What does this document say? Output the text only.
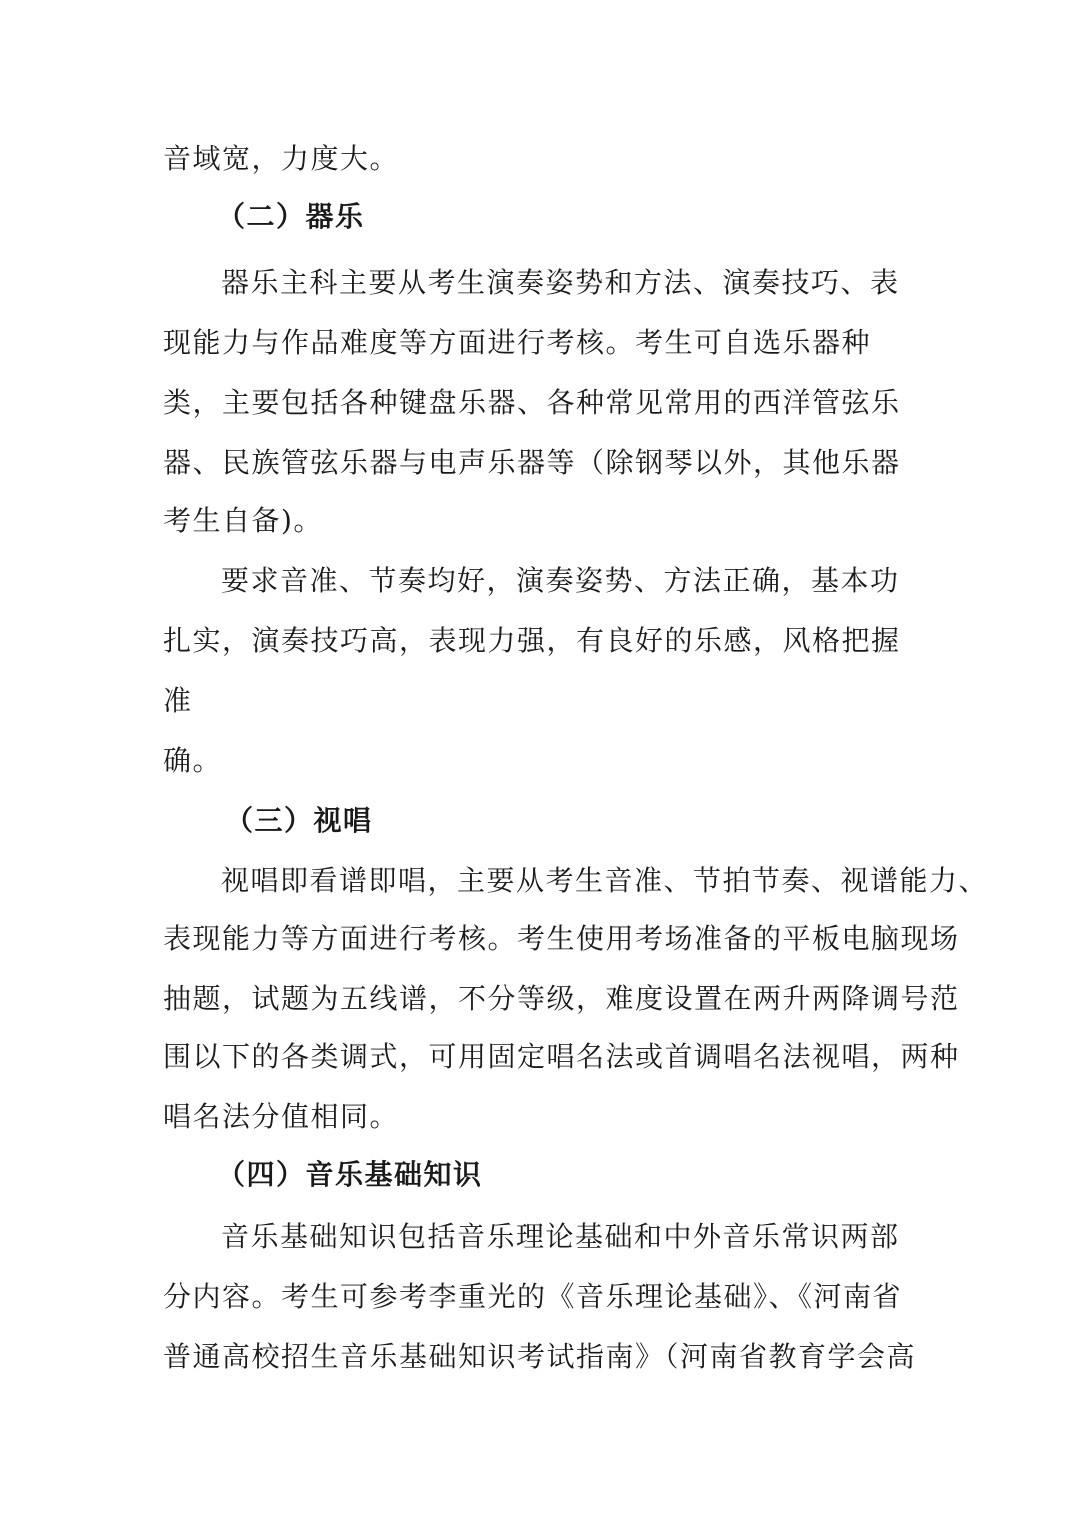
音域宽，力度大。
（二）器乐
器乐主科主要从考生演奏姿势和方法、演奏技巧、表
现能力与作品难度等方面进行考核。考生可自选乐器种
类，主要包括各种键盘乐器、各种常见常用的西洋管弦乐
器、民族管弦乐器与电声乐器等（除钢琴以外，其他乐器
考生自备)。
要求音准、节奏均好，演奏姿势、方法正确，基本功
扎实，演奏技巧高，表现力强，有良好的乐感，风格把握
准
确。
（三）视唱
视唱即看谱即唱，主要从考生音准、节拍节奏、视谱能力、
表现能力等方面进行考核。考生使用考场准备的平板电脑现场
抽题，试题为五线谱，不分等级，难度设置在两升两降调号范
围以下的各类调式，可用固定唱名法或首调唱名法视唱，两种
唱名法分值相同。
（四）音乐基础知识
音乐基础知识包括音乐理论基础和中外音乐常识两部
分内容。考生可参考李重光的《音乐理论基础》、《河南省
普通高校招生音乐基础知识考试指南》（河南省教育学会高
